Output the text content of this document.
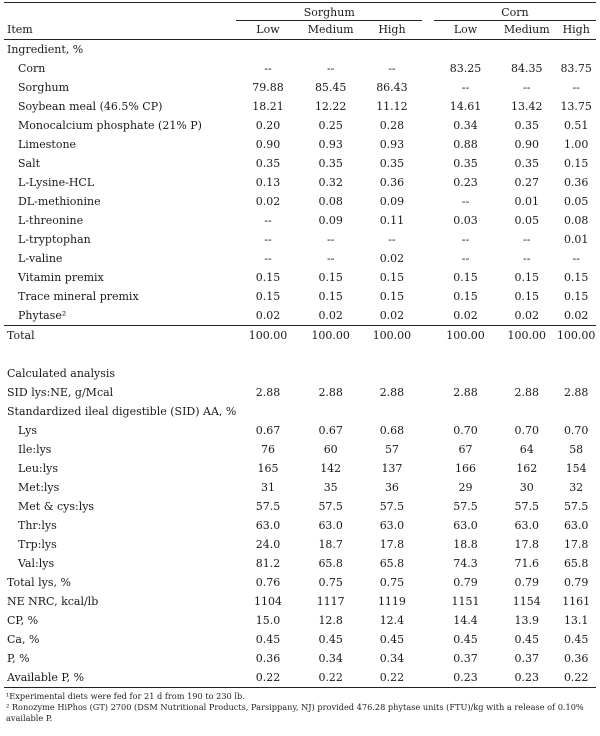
	Sorghum				Corn		
Item	Low	Medium	High		Low	Medium	High
Ingredient, %							
Corn	--	--	--		83.25	84.35	83.75
Sorghum	79.88	85.45	86.43		--	--	--
Soybean meal (46.5% CP)	18.21	12.22	11.12		14.61	13.42	13.75
Monocalcium phosphate (21% P)	0.20	0.25	0.28		0.34	0.35	0.51
Limestone	0.90	0.93	0.93		0.88	0.90	1.00
Salt	0.35	0.35	0.35		0.35	0.35	0.15
L-Lysine-HCL	0.13	0.32	0.36		0.23	0.27	0.36
DL-methionine	0.02	0.08	0.09		--	0.01	0.05
L-threonine	--	0.09	0.11		0.03	0.05	0.08
L-tryptophan	--	--	--		--	--	0.01
L-valine	--	--	0.02		--	--	--
Vitamin premix	0.15	0.15	0.15		0.15	0.15	0.15
Trace mineral premix	0.15	0.15	0.15		0.15	0.15	0.15
Phytase²	0.02	0.02	0.02		0.02	0.02	0.02
Total	100.00	100.00	100.00		100.00	100.00	100.00

Calculated analysis							
SID lys:NE, g/Mcal	2.88	2.88	2.88		2.88	2.88	2.88
Standardized ileal digestible (SID) AA, %							
Lys	0.67	0.67	0.68		0.70	0.70	0.70
Ile:lys	76	60	57		67	64	58
Leu:lys	165	142	137		166	162	154
Met:lys	31	35	36		29	30	32
Met & cys:lys	57.5	57.5	57.5		57.5	57.5	57.5
Thr:lys	63.0	63.0	63.0		63.0	63.0	63.0
Trp:lys	24.0	18.7	17.8		18.8	17.8	17.8
Val:lys	81.2	65.8	65.8		74.3	71.6	65.8
Total lys, %	0.76	0.75	0.75		0.79	0.79	0.79
NE NRC, kcal/lb	1104	1117	1119		1151	1154	1161
CP, %	15.0	12.8	12.4		14.4	13.9	13.1
Ca, %	0.45	0.45	0.45		0.45	0.45	0.45
P, %	0.36	0.34	0.34		0.37	0.37	0.36
Available P, %	0.22	0.22	0.22		0.23	0.23	0.22
¹Experimental diets were fed for 21 d from 190 to 230 lb.
² Ronozyme HiPhos (GT) 2700 (DSM Nutritional Products, Parsippany, NJ) provided 476.28 phytase units (FTU)/kg with a release of 0.10% available P.
